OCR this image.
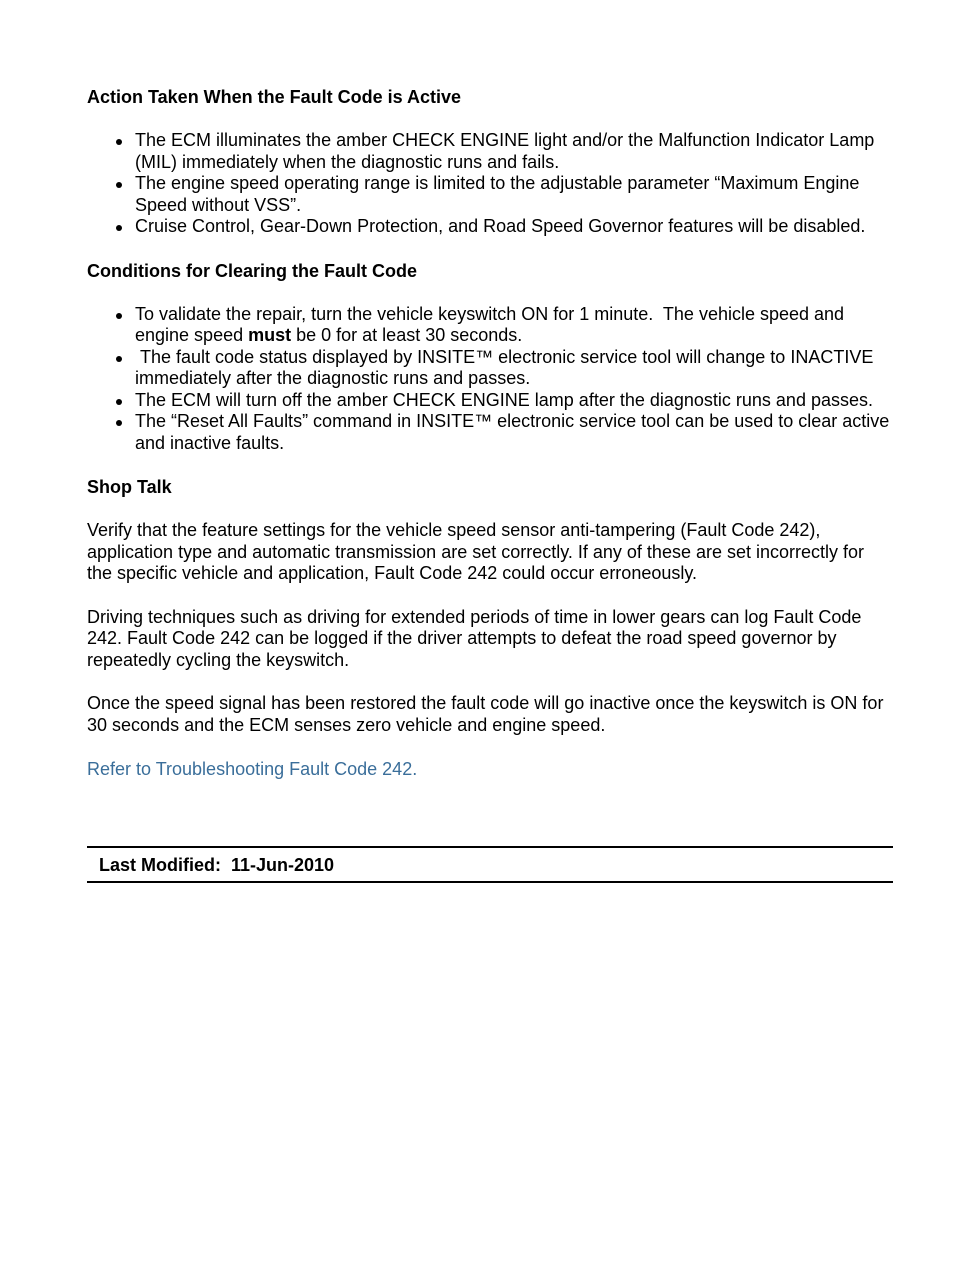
Action Taken When the Fault Code is Active
The ECM illuminates the amber CHECK ENGINE light and/or the Malfunction Indicator Lamp (MIL) immediately when the diagnostic runs and fails.
The engine speed operating range is limited to the adjustable parameter “Maximum Engine Speed without VSS”.
Cruise Control, Gear-Down Protection, and Road Speed Governor features will be disabled.
Conditions for Clearing the Fault Code
To validate the repair, turn the vehicle keyswitch ON for 1 minute.  The vehicle speed and engine speed must be 0 for at least 30 seconds.
The fault code status displayed by INSITE™ electronic service tool will change to INACTIVE immediately after the diagnostic runs and passes.
The ECM will turn off the amber CHECK ENGINE lamp after the diagnostic runs and passes.
The “Reset All Faults” command in INSITE™ electronic service tool can be used to clear active and inactive faults.
Shop Talk

Verify that the feature settings for the vehicle speed sensor anti-tampering (Fault Code 242), application type and automatic transmission are set correctly. If any of these are set incorrectly for the specific vehicle and application, Fault Code 242 could occur erroneously.

Driving techniques such as driving for extended periods of time in lower gears can log Fault Code 242. Fault Code 242 can be logged if the driver attempts to defeat the road speed governor by repeatedly cycling the keyswitch.

Once the speed signal has been restored the fault code will go inactive once the keyswitch is ON for 30 seconds and the ECM senses zero vehicle and engine speed.

Refer to Troubleshooting Fault Code 242.
Last Modified:  11-Jun-2010
